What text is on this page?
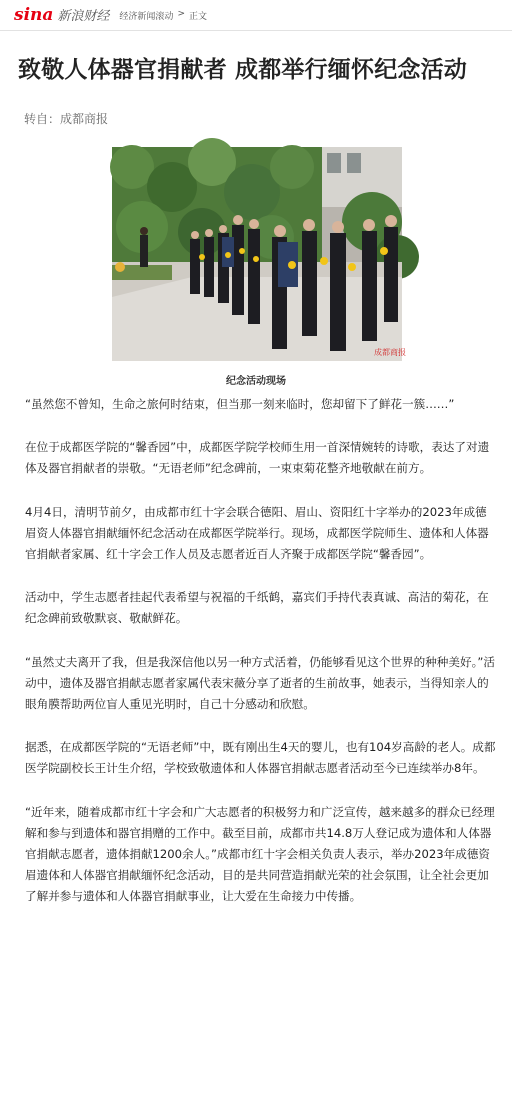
sina 新浪财经 经济新闻滚动 > 正文
致敬人体器官捐献者 成都举行缅怀纪念活动
转自：成都商报
成都商报
纪念活动现场

“虽然您不曾知，生命之旅何时结束，但当那一刻来临时，您却留下了鲜花一簇……”

在位于成都医学院的“馨香园”中，成都医学院学校师生用一首深情婉转的诗歌，表达了对遗体及器官捐献者的崇敬。“无语老师”纪念碑前，一束束菊花整齐地敬献在前方。

4月4日，清明节前夕，由成都市红十字会联合德阳、眉山、资阳红十字举办的2023年成德眉资人体器官捐献缅怀纪念活动在成都医学院举行。现场，成都医学院师生、遗体和人体器官捐献者家属、红十字会工作人员及志愿者近百人齐聚于成都医学院“馨香园”。

活动中，学生志愿者挂起代表希望与祝福的千纸鹤，嘉宾们手持代表真诚、高洁的菊花，在纪念碑前致敬默哀、敬献鲜花。

“虽然丈夫离开了我，但是我深信他以另一种方式活着，仍能够看见这个世界的种种美好。”活动中，遗体及器官捐献志愿者家属代表宋薇分享了逝者的生前故事，她表示，当得知亲人的眼角膜帮助两位盲人重见光明时，自己十分感动和欣慰。

据悉，在成都医学院的“无语老师”中，既有刚出生4天的婴儿，也有104岁高龄的老人。成都医学院副校长王计生介绍，学校致敬遗体和人体器官捐献志愿者活动至今已连续举办8年。

“近年来，随着成都市红十字会和广大志愿者的积极努力和广泛宣传，越来越多的群众已经理解和参与到遗体和器官捐赠的工作中。截至目前，成都市共14.8万人登记成为遗体和人体器官捐献志愿者，遗体捐献1200余人。”成都市红十字会相关负责人表示，举办2023年成德资眉遗体和人体器官捐献缅怀纪念活动，目的是共同营造捐献光荣的社会氛围，让全社会更加了解并参与遗体和人体器官捐献事业，让大爱在生命接力中传播。
